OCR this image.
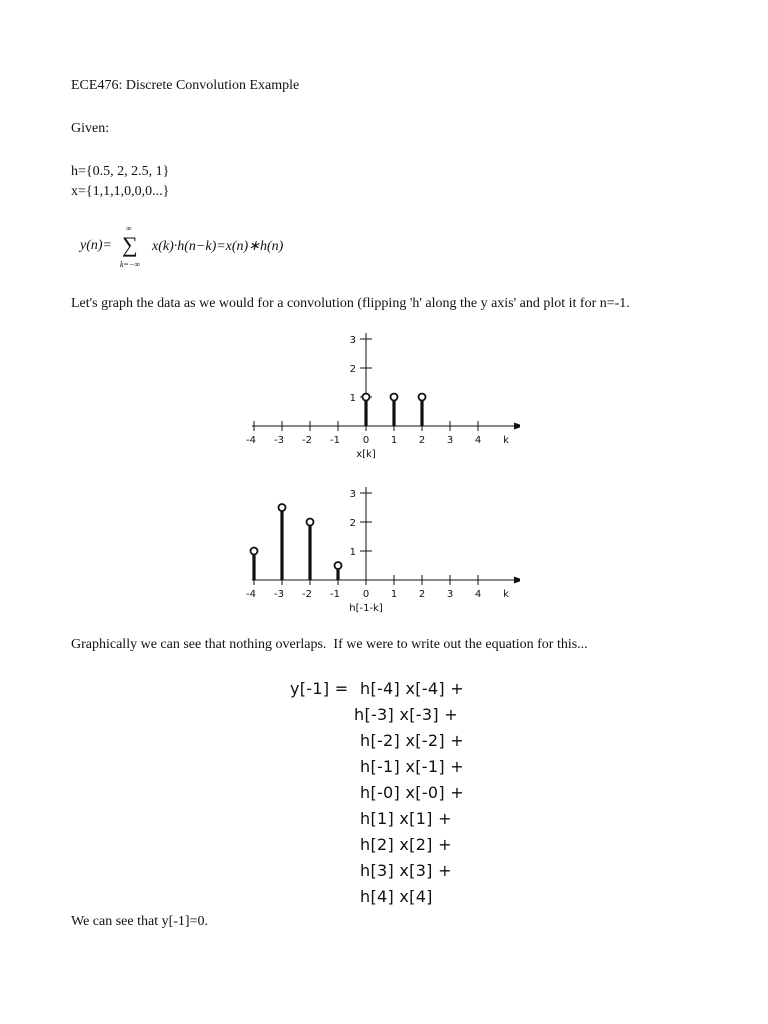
ECE476: Discrete Convolution Example
Given:
h={0.5, 2, 2.5, 1}
x={1,1,1,0,0,0...}
y(n)=
∞
∑
k=−∞
x(k)·h(n−k)=x(n)∗h(n)
Let's graph the data as we would for a convolution (flipping 'h' along the y axis' and plot it for n=-1.
-4 -3 -2 -1 0 1 2 3 4 k
1
2
3
x[k]
-4 -3 -2 -1 0 1 2 3 4 k
1
2
3
h[-1-k]
Graphically we can see that nothing overlaps.  If we were to write out the equation for this...
y[-1] = h[-4] x[-4] +
h[-3] x[-3] +
h[-2] x[-2] +
h[-1] x[-1] +
h[-0] x[-0] +
h[1] x[1] +
h[2] x[2] +
h[3] x[3] +
h[4] x[4]
We can see that y[-1]=0.
